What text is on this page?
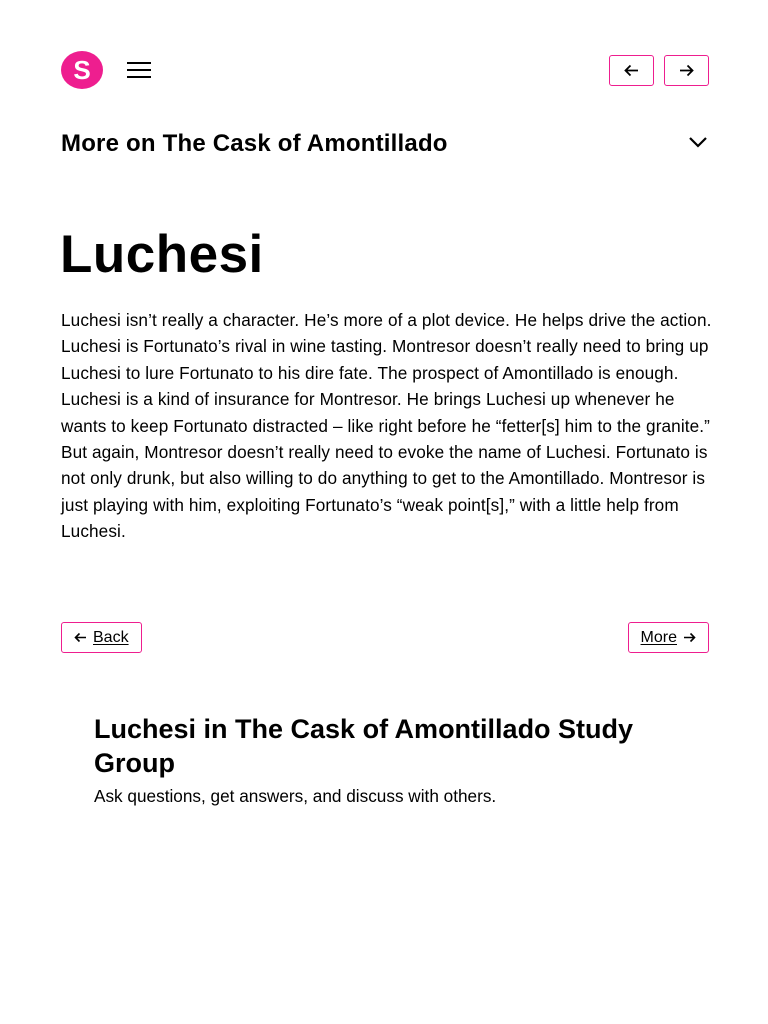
S
More on The Cask of Amontillado
Luchesi

Luchesi isn’t really a character. He’s more of a plot device. He helps drive the action. Luchesi is Fortunato’s rival in wine tasting. Montresor doesn’t really need to bring up Luchesi to lure Fortunato to his dire fate. The prospect of Amontillado is enough. Luchesi is a kind of insurance for Montresor. He brings Luchesi up whenever he wants to keep Fortunato distracted – like right before he “fetter[s] him to the granite.” But again, Montresor doesn’t really need to evoke the name of Luchesi. Fortunato is not only drunk, but also willing to do anything to get to the Amontillado. Montresor is just playing with him, exploiting Fortunato’s “weak point[s],” with a little help from Luchesi.

Back	More
Luchesi in The Cask of Amontillado Study Group

Ask questions, get answers, and discuss with others.
